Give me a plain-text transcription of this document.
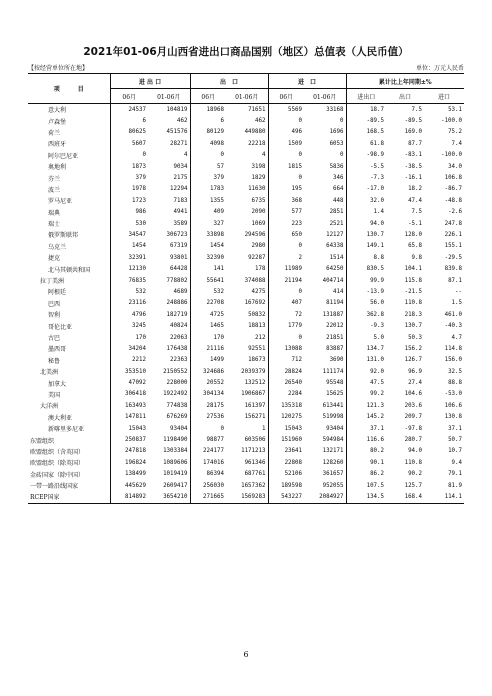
2021年01-06月山西省进出口商品国别（地区）总值表（人民币值）
【按经营单位所在地】	单位：万元人民币
项　　　目	进 出 口		出　口		进　口		累计比上年同期±%		
	06月	01-06月	06月	01-06月	06月	01-06月	进出口	出口	进口
意大利	24537	104819	18968	71651	5569	33168	18.7	7.5	53.1
卢森堡	6	462	6	462	0	0	-89.5	-89.5	-100.0
荷兰	80625	451576	80129	449880	496	1696	168.5	169.0	75.2
西班牙	5607	28271	4098	22218	1509	6053	61.8	87.7	7.4
阿尔巴尼亚	0	4	0	4	0	0	-98.9	-83.1	-100.0
奥地利	1873	9034	57	3198	1815	5836	-5.5	-38.5	34.0
芬兰	379	2175	379	1829	0	346	-7.3	-16.1	106.8
波兰	1978	12294	1783	11630	195	664	-17.0	18.2	-86.7
罗马尼亚	1723	7183	1355	6735	368	448	32.0	47.4	-48.8
瑞典	986	4941	409	2090	577	2851	1.4	7.5	-2.6
瑞士	530	3589	327	1069	223	2521	94.0	-5.1	247.8
俄罗斯联邦	34547	306723	33898	294596	650	12127	130.7	128.0	226.1
乌克兰	1454	67319	1454	2980	0	64338	149.1	65.8	155.1
捷克	32391	93801	32390	92287	2	1514	8.8	9.8	-29.5
北马其顿共和国	12130	64428	141	178	11989	64250	830.5	104.1	839.8
拉丁美洲	76835	778802	55641	374088	21194	404714	99.9	115.8	87.1
阿根廷	532	4689	532	4275	0	414	-13.9	-21.5	--
巴西	23116	248886	22708	167692	407	81194	56.0	110.8	1.5
智利	4796	182719	4725	50832	72	131887	362.8	218.3	461.0
哥伦比亚	3245	40824	1465	18813	1779	22012	-9.3	130.7	-40.3
古巴	170	22063	170	212	0	21851	5.0	50.3	4.7
墨西哥	34204	176438	21116	92551	13088	83887	134.7	156.2	114.8
秘鲁	2212	22363	1499	18673	712	3690	131.0	126.7	156.0
北美洲	353510	2150552	324686	2039379	28824	111174	92.0	96.9	32.5
加拿大	47092	228000	20552	132512	26540	95548	47.5	27.4	88.8
美国	306418	1922492	304134	1906867	2284	15625	99.2	104.6	-53.0
大洋洲	163493	774838	28175	161397	135318	613441	121.3	203.6	106.6
澳大利亚	147811	676269	27536	156271	120275	519998	145.2	209.7	130.8
新喀里多尼亚	15043	93404	0	1	15043	93404	37.1	-97.8	37.1
东盟组织	250837	1198490	98877	603506	151960	594984	116.6	280.7	50.7
欧盟组织（含英国）	247818	1303384	224177	1171213	23641	132171	80.2	94.0	10.7
欧盟组织（除英国）	196824	1089606	174016	961346	22808	128260	90.1	110.8	9.4
金砖国家（除中国）	138499	1019419	86394	687761	52106	361657	86.2	90.2	79.1
一带一路沿线国家	445629	2609417	256030	1657362	189598	952055	107.5	125.7	81.9
RCEP国家	814892	3654210	271665	1569283	543227	2084927	134.5	168.4	114.1
6
